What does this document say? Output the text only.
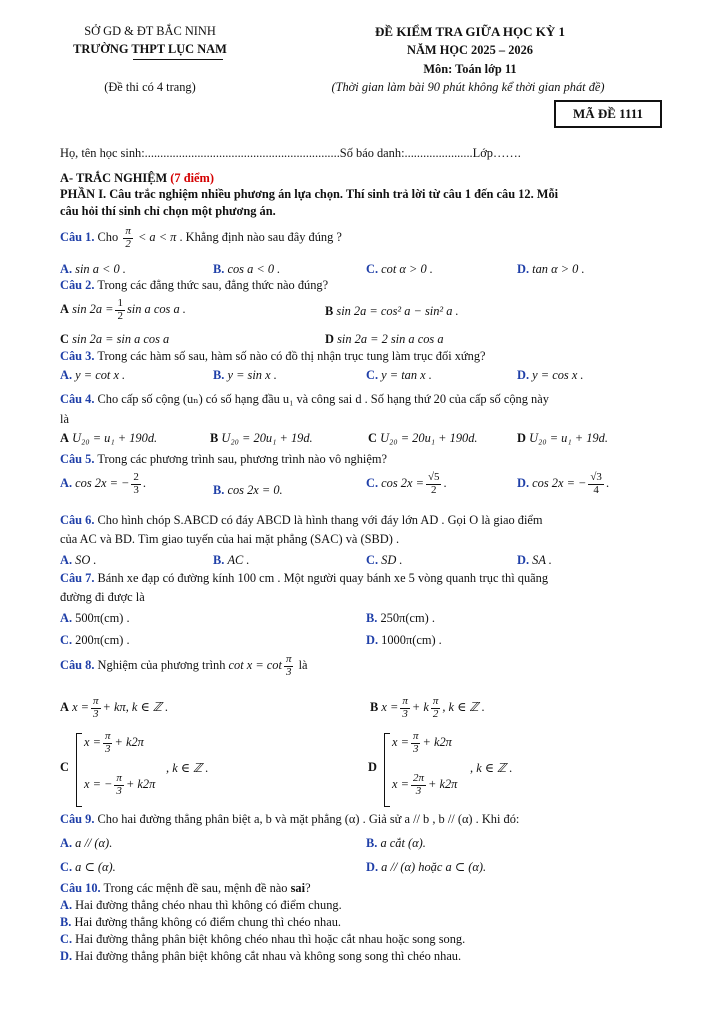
SỞ GD & ĐT BẮC NINH
TRƯỜNG THPT LỤC NAM
(Đề thi có 4 trang)
ĐỀ KIỂM TRA GIỮA HỌC KỲ 1
NĂM HỌC 2025 – 2026
Môn: Toán lớp 11
(Thời gian làm bài 90 phút không kể thời gian phát đề)
MÃ ĐỀ 1111
Họ, tên học sinh:...............................................................Số báo danh:......................Lớp…….
A- TRẮC NGHIỆM (7 điểm)
PHẦN I. Câu trắc nghiệm nhiều phương án lựa chọn. Thí sinh trả lời từ câu 1 đến câu 12. Mỗi
câu hỏi thí sinh chỉ chọn một phương án.
Câu 1. Cho $\frac{\pi}{2} < a < \pi$ . Khẳng định nào sau đây đúng ?
A. sin a < 0 .	B. cos a < 0 .	C. cot α > 0 .	D. tan α > 0 .
Câu 2. Trong các đẳng thức sau, đẳng thức nào đúng?
A $\sin 2a = \frac{1}{2}$ sin a cos a .	B sin 2a = cos² a − sin² a .
C sin 2a = sin a cos a	D sin 2a = 2 sin a cos a
Câu 3. Trong các hàm số sau, hàm số nào có đồ thị nhận trục tung làm trục đối xứng?
A. y = cot x .	B. y = sin x .	C. y = tan x .	D. y = cos x .
Câu 4. Cho cấp số cộng (uₙ) có số hạng đầu u₁ và công sai d . Số hạng thứ 20 của cấp số cộng này
là
A U₂₀ = u₁ + 190d.	B U₂₀ = 20u₁ + 19d.	C U₂₀ = 20u₁ + 190d.	D U₂₀ = u₁ + 19d.
Câu 5. Trong các phương trình sau, phương trình nào vô nghiệm?
A. cos 2x = − $\frac{2}{3}$ .
B. cos 2x = 0.
C. $\cos 2x = \frac{√5}{2}$ .	D. cos 2x = − $\frac{√3}{4}$ .
Câu 6. Cho hình chóp S.ABCD có đáy ABCD là hình thang với đáy lớn AD . Gọi O là giao điểm
của AC và BD. Tìm giao tuyến của hai mặt phẳng (SAC) và (SBD) .
A. SO .	B. AC .	C. SD .	D. SA .
Câu 7. Bánh xe đạp có đường kính 100 cm . Một người quay bánh xe 5 vòng quanh trục thì quãng
đường đi được là
A. 500π(cm) .	B. 250π(cm) .
C. 200π(cm) .	D. 1000π(cm) .
Câu 8. Nghiệm của phương trình $\cot x = \cot \frac{\pi}{3}$ là
A $x = \frac{\pi}{3} + k\pi$, k ∈ ℤ .	B $x = \frac{\pi}{3} + k \frac{\pi}{2}$ , k ∈ ℤ .
C
$x = \frac{\pi}{3} + k2\pi$
x = − $\frac{\pi}{3} + k2\pi$
, k ∈ ℤ .	D
$x = \frac{\pi}{3} + k2\pi$
$x = \frac{2\pi}{3} + k2\pi$
, k ∈ ℤ .
Câu 9. Cho hai đường thẳng phân biệt a, b và mặt phẳng (α) . Giả sử a // b , b // (α) . Khi đó:
A. a // (α).	B. a cắt (α).
C. a ⊂ (α).	D. a // (α) hoặc a ⊂ (α).
Câu 10. Trong các mệnh đề sau, mệnh đề nào sai?
A. Hai đường thẳng chéo nhau thì không có điểm chung.
B. Hai đường thẳng không có điểm chung thì chéo nhau.
C. Hai đường thẳng phân biệt không chéo nhau thì hoặc cắt nhau hoặc song song.
D. Hai đường thẳng phân biệt không cắt nhau và không song song thì chéo nhau.
